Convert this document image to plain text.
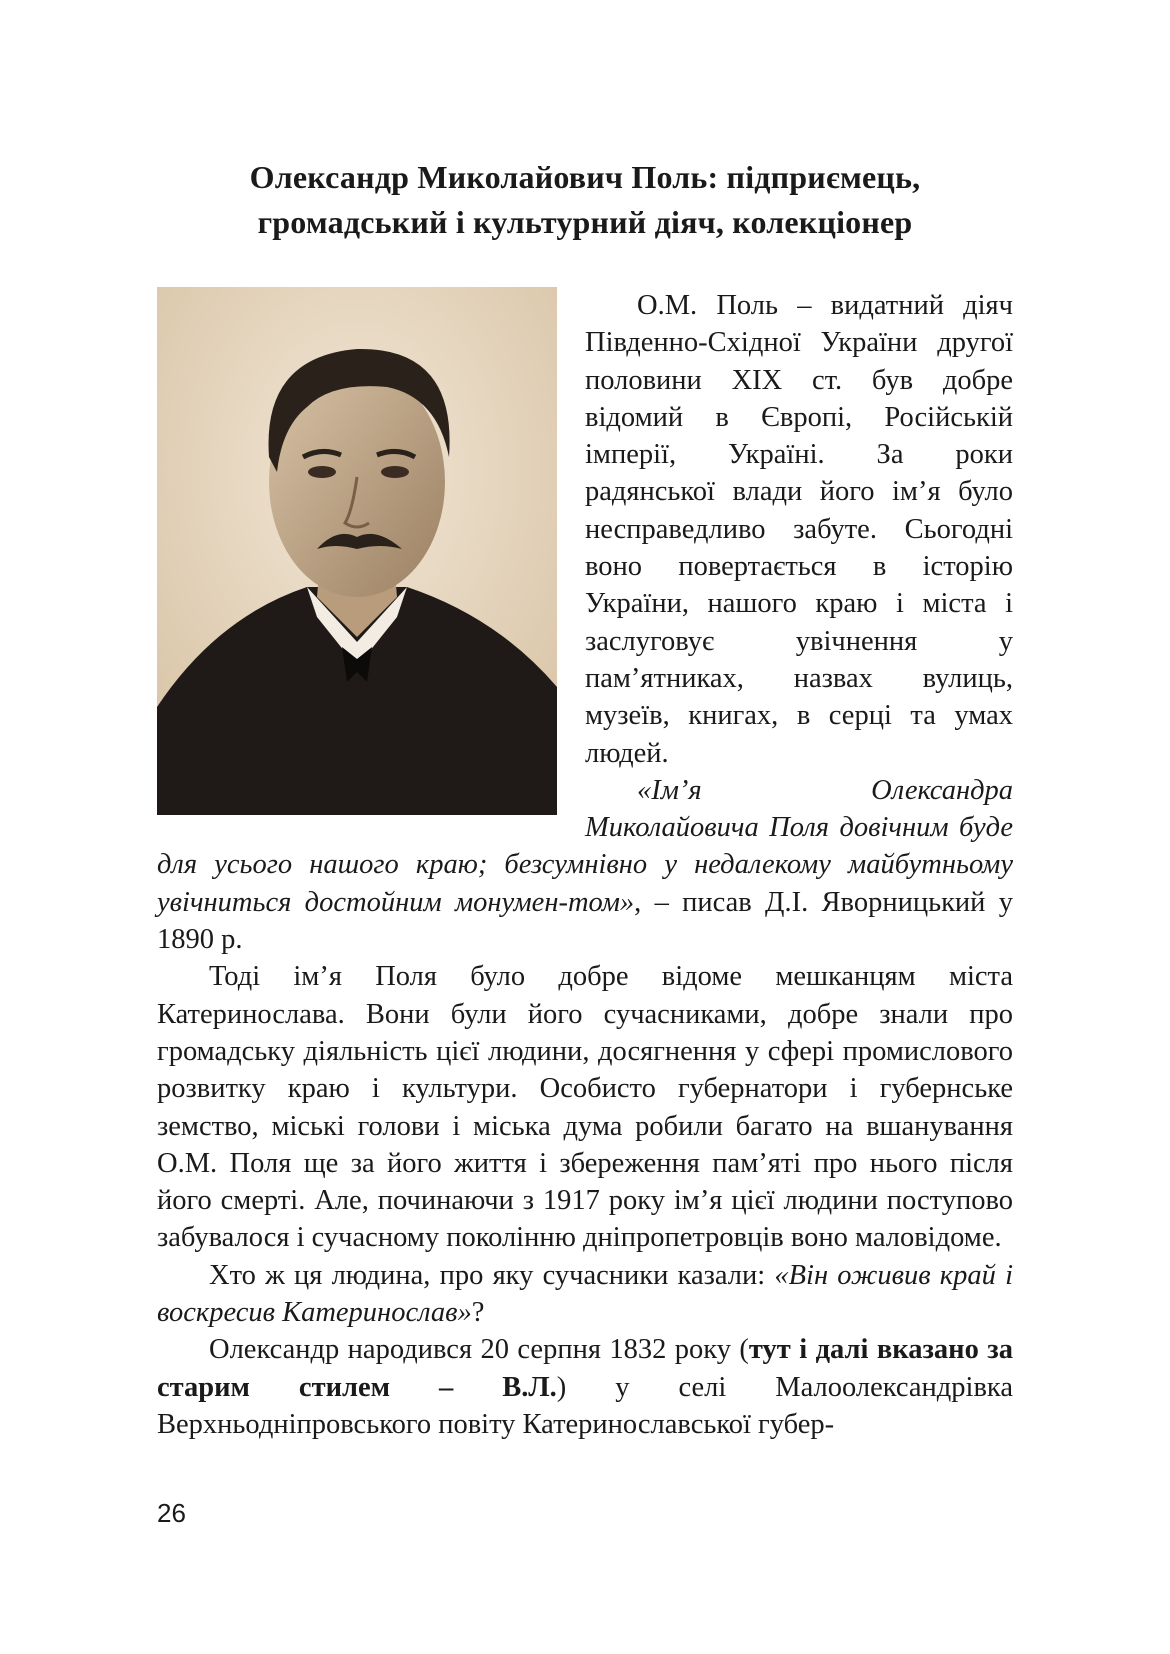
Олександр Миколайович Поль: підприємець,
громадський і культурний діяч, колекціонер

О.М. Поль – видатний діяч Південно-Східної України другої половини XIX ст. був добре відомий в Європі, Російській імперії, Україні. За роки радянської влади його ім’я було несправедливо забуте. Сьогодні воно повертається в історію України, нашого краю і міста і заслуговує увічнення у пам’ятниках, назвах вулиць, музеїв, книгах, в серці та умах людей.

«Ім’я Олександра Миколайовича Поля довічним буде для усього нашого краю; безсумнівно у недалекому майбутньому увічниться достойним монумен-том», – писав Д.І. Яворницький у 1890 р.

Тоді ім’я Поля було добре відоме мешканцям міста Катеринослава. Вони були його сучасниками, добре знали про громадську діяльність цієї людини, досягнення у сфері промислового розвитку краю і культури. Особисто губернатори і губернське земство, міські голови і міська дума робили багато на вшанування О.М. Поля ще за його життя і збереження пам’яті про нього після його смерті. Але, починаючи з 1917 року ім’я цієї людини поступово забувалося і сучасному поколінню дніпропетровців воно маловідоме.

Хто ж ця людина, про яку сучасники казали: «Він оживив край і воскресив Катеринослав»?

Олександр народився 20 серпня 1832 року (тут і далі вказано за старим стилем – В.Л.) у селі Малоолександрівка Верхньодніпровського повіту Катеринославської губер-

26
